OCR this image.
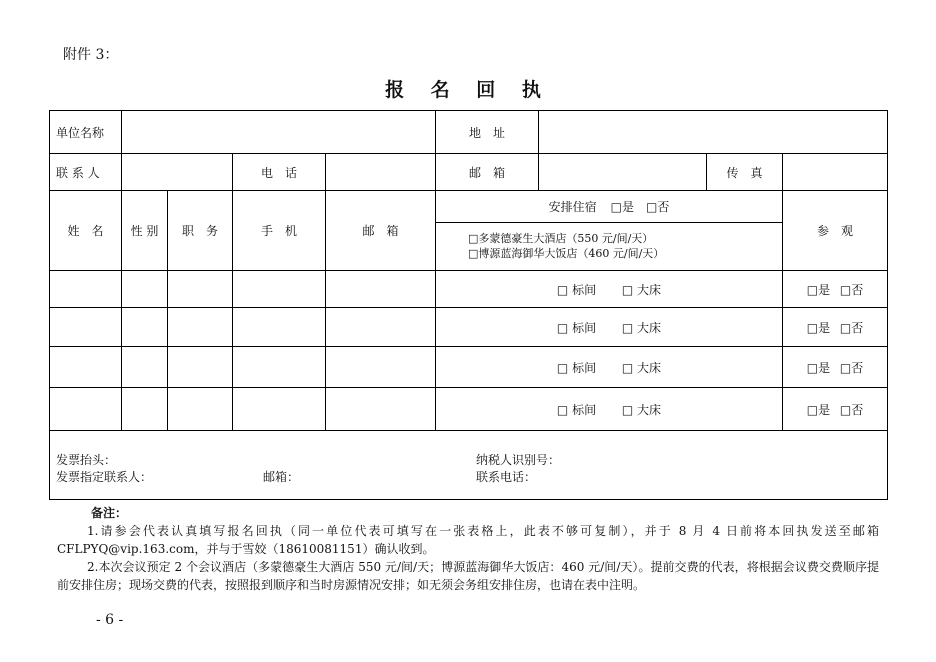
附件 3：
报 名 回 执
单位名称					地　址			
联 系 人			电　话		邮　箱		传　真	
姓　名	性 别	职　务	手　机	邮　箱	安排住宿 □是 □否
□多蒙德豪生大酒店（550 元/间/天）
□博源蓝海御华大饭店（460 元/间/天）			参　观
					□ 标间 □ 大床			□是 □否
					□ 标间 □ 大床			□是 □否
					□ 标间 □ 大床			□是 □否
					□ 标间 □ 大床			□是 □否

发票抬头： 纳税人识别号：
发票指定联系人： 邮箱： 联系电话：								
备注：
1.请参会代表认真填写报名回执（同一单位代表可填写在一张表格上，此表不够可复制），并于 8 月 4 日前将本回执发送至邮箱CFLPYQ@vip.163.com，并与于雪姣（18610081151）确认收到。
2.本次会议预定 2 个会议酒店（多蒙德豪生大酒店 550 元/间/天；博源蓝海御华大饭店：460 元/间/天）。提前交费的代表，将根据会议费交费顺序提前安排住房；现场交费的代表，按照报到顺序和当时房源情况安排；如无须会务组安排住房，也请在表中注明。
- 6 -
